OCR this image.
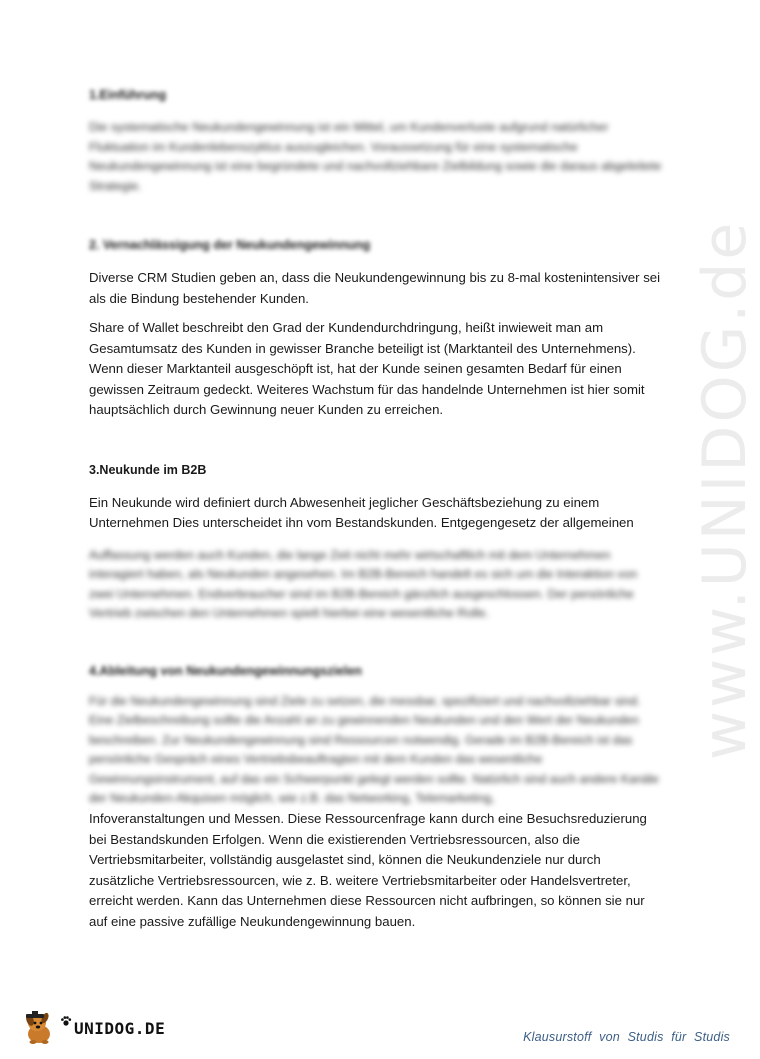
www.UNIDOG.de

1.Einführung

Die systematische Neukundengewinnung ist ein Mittel, um Kundenverluste aufgrund natürlicher Fluktuation im Kundenlebenszyklus auszugleichen. Voraussetzung für eine systematische Neukundengewinnung ist eine begründete und nachvollziehbare Zielbildung sowie die daraus abgeleitete Strategie.

2. Vernachlässigung der Neukundengewinnung

Diverse CRM Studien geben an, dass die Neukundengewinnung bis zu 8-mal kostenintensiver sei als die Bindung bestehender Kunden.

Share of Wallet beschreibt den Grad der Kundendurchdringung, heißt inwieweit man am Gesamtumsatz des Kunden in gewisser Branche beteiligt ist (Marktanteil des Unternehmens). Wenn dieser Marktanteil ausgeschöpft ist, hat der Kunde seinen gesamten Bedarf für einen gewissen Zeitraum gedeckt. Weiteres Wachstum für das handelnde Unternehmen ist hier somit hauptsächlich durch Gewinnung neuer Kunden zu erreichen.

3.Neukunde im B2B

Ein Neukunde wird definiert durch Abwesenheit jeglicher Geschäftsbeziehung zu einem Unternehmen Dies unterscheidet ihn vom Bestandskunden. Entgegengesetz der allgemeinen

Auffassung werden auch Kunden, die lange Zeit nicht mehr wirtschaftlich mit dem Unternehmen interagiert haben, als Neukunden angesehen. Im B2B-Bereich handelt es sich um die Interaktion von zwei Unternehmen. Endverbraucher sind im B2B-Bereich gänzlich ausgeschlossen. Der persönliche Vertrieb zwischen den Unternehmen spielt hierbei eine wesentliche Rolle.

4.Ableitung von Neukundengewinnungszielen

Für die Neukundengewinnung sind Ziele zu setzen, die messbar, spezifiziert und nachvollziehbar sind. Eine Zielbeschreibung sollte die Anzahl an zu gewinnenden Neukunden und den Wert der Neukunden beschreiben. Zur Neukundengewinnung sind Ressourcen notwendig. Gerade im B2B-Bereich ist das persönliche Gespräch eines Vertriebsbeauftragten mit dem Kunden das wesentliche Gewinnungsinstrument, auf das ein Schwerpunkt gelegt werden sollte. Natürlich sind auch andere Kanäle der Neukunden-Akquisen möglich, wie z.B. das Networking, Telemarketing,

Infoveranstaltungen und Messen. Diese Ressourcenfrage kann durch eine Besuchsreduzierung bei Bestandskunden Erfolgen. Wenn die existierenden Vertriebsressourcen, also die Vertriebsmitarbeiter, vollständig ausgelastet sind, können die Neukundenziele nur durch zusätzliche Vertriebsressourcen, wie z. B. weitere Vertriebsmitarbeiter oder Handelsvertreter, erreicht werden. Kann das Unternehmen diese Ressourcen nicht aufbringen, so können sie nur auf eine passive zufällige Neukundengewinnung bauen.

UNIDOG.DE	Klausurstoff von Studis für Studis
